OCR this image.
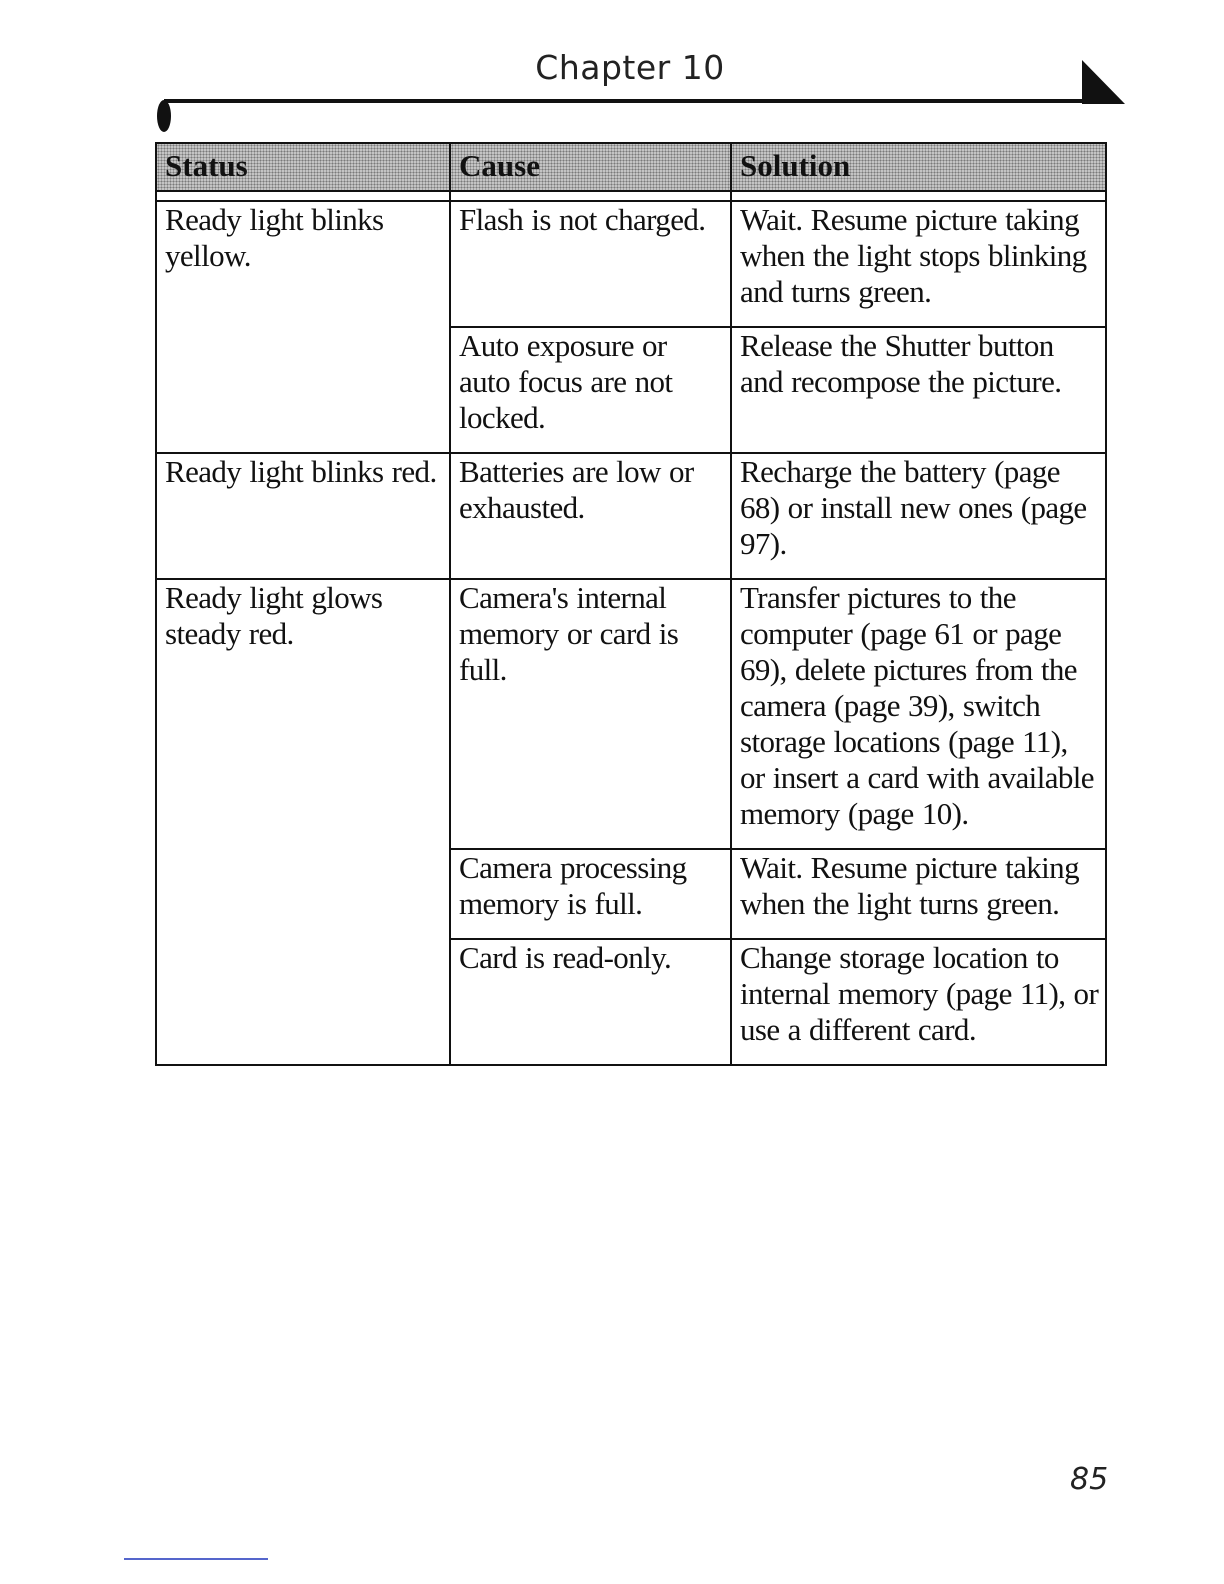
Chapter 10
Status	Cause	Solution

Ready light blinks yellow.	Flash is not charged.	Wait. Resume picture taking when the light stops blinking and turns green.
	Auto exposure or auto focus are not locked.	Release the Shutter button and recompose the picture.
Ready light blinks red.	Batteries are low or exhausted.	Recharge the battery (page 68) or install new ones (page 97).
Ready light glows steady red.	Camera's internal memory or card is full.	Transfer pictures to the computer (page 61 or page 69), delete pictures from the camera (page 39), switch storage locations (page 11), or insert a card with available memory (page 10).
	Camera processing memory is full.	Wait. Resume picture taking when the light turns green.
	Card is read-only.	Change storage location to internal memory (page 11), or use a different card.
85
